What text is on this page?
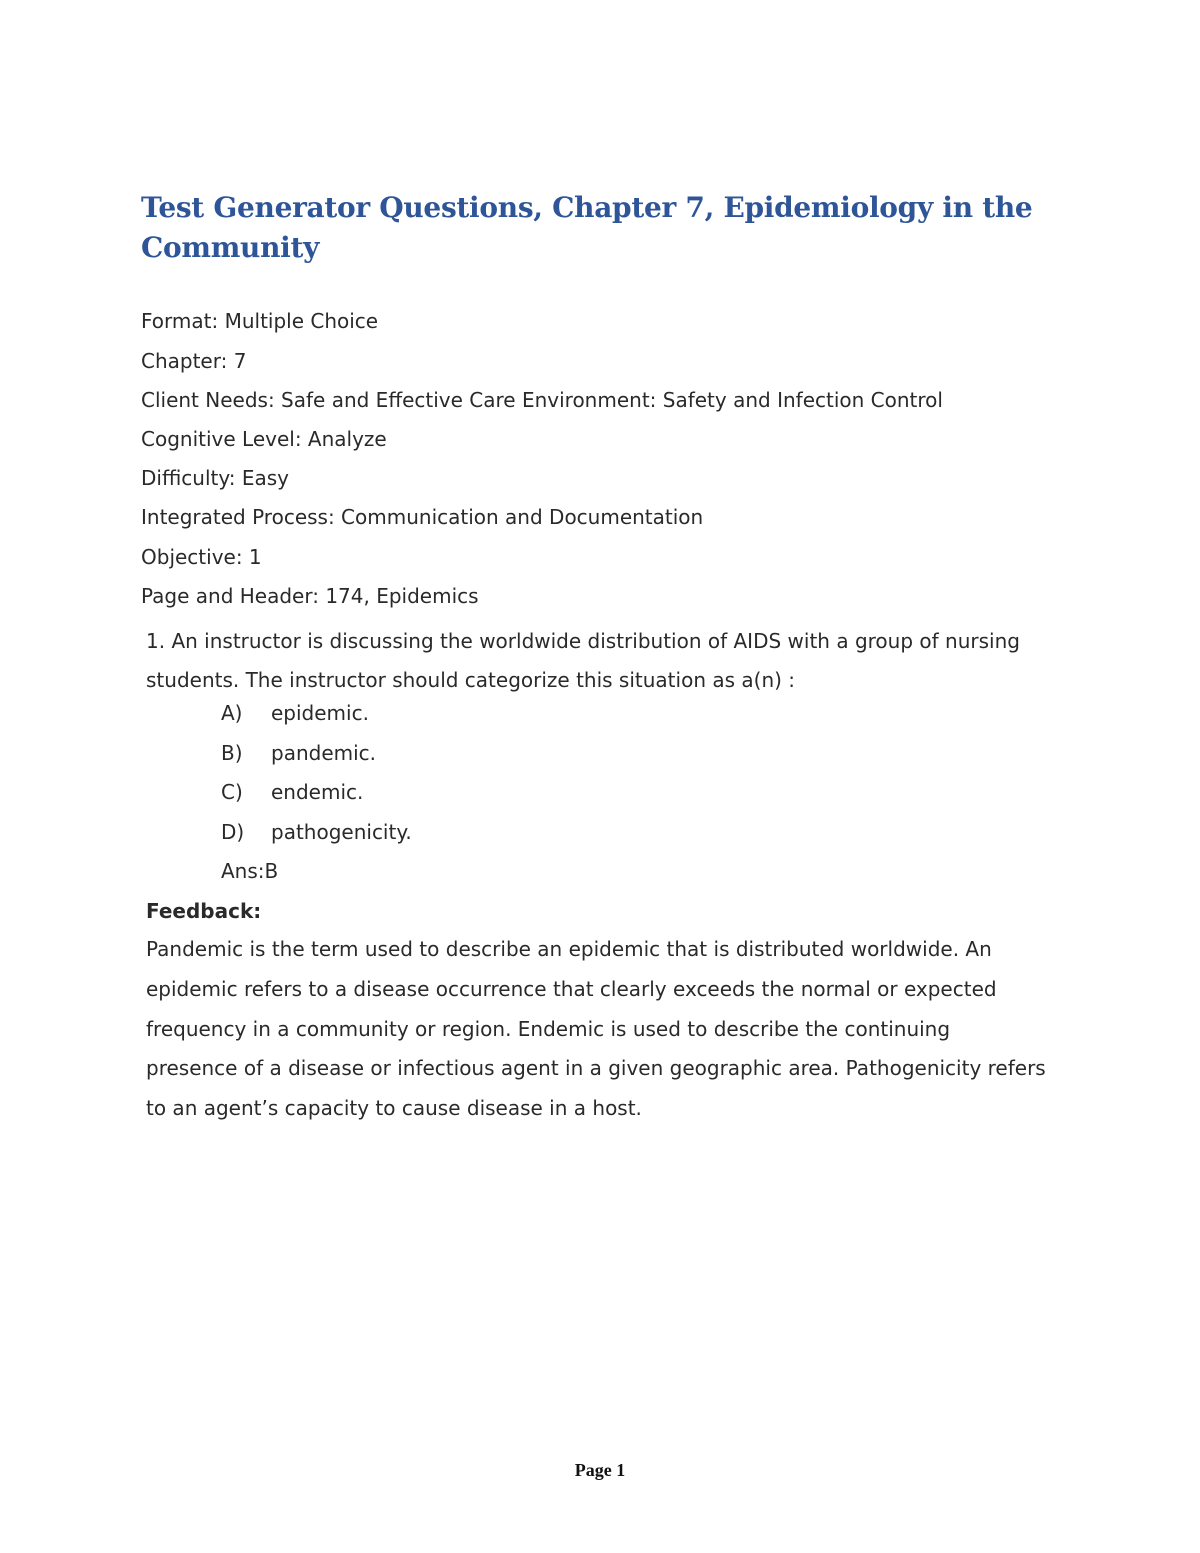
Test Generator Questions, Chapter 7, Epidemiology in the Community
Format: Multiple Choice
Chapter: 7
Client Needs: Safe and Effective Care Environment: Safety and Infection Control
Cognitive Level: Analyze
Difficulty: Easy
Integrated Process: Communication and Documentation
Objective: 1
Page and Header: 174, Epidemics
1. An instructor is discussing the worldwide distribution of AIDS with a group of nursing students. The instructor should categorize this situation as a(n) :
A) epidemic.
B) pandemic.
C) endemic.
D) pathogenicity.
Ans:B
Feedback:
Pandemic is the term used to describe an epidemic that is distributed worldwide. An epidemic refers to a disease occurrence that clearly exceeds the normal or expected frequency in a community or region. Endemic is used to describe the continuing presence of a disease or infectious agent in a given geographic area. Pathogenicity refers to an agent’s capacity to cause disease in a host.
Page 1
